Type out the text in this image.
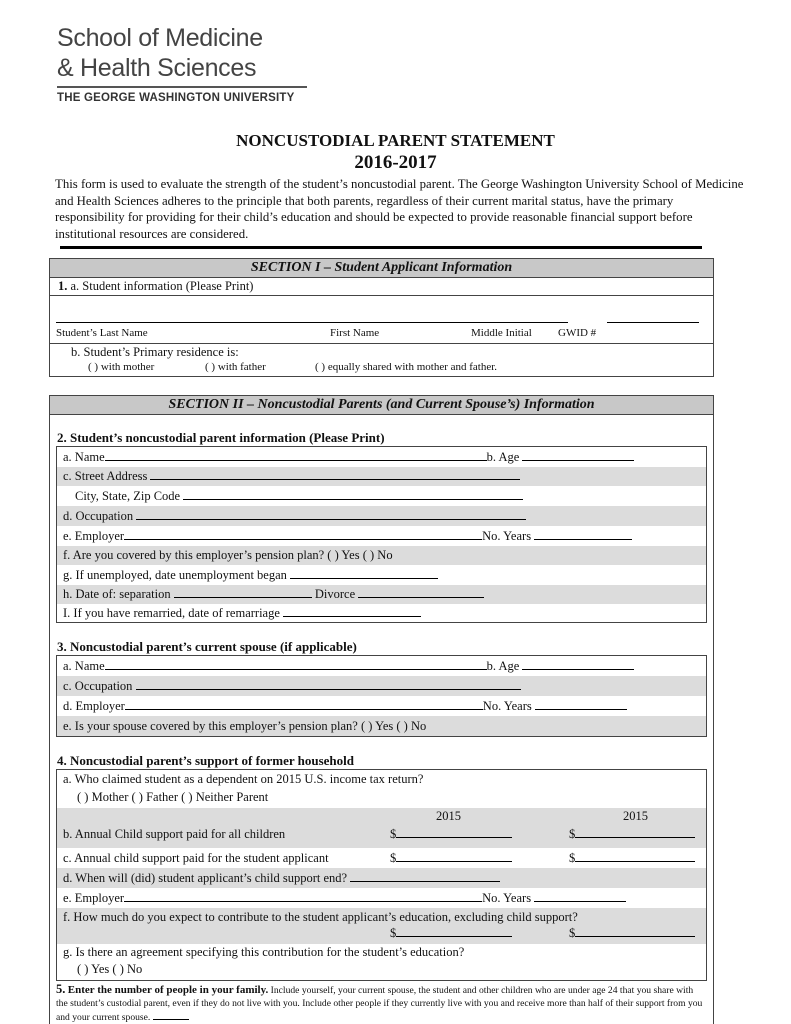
School of Medicine
& Health Sciences
THE GEORGE WASHINGTON UNIVERSITY
NONCUSTODIAL PARENT STATEMENT
2016-2017
This form is used to evaluate the strength of the student’s noncustodial parent. The George Washington University School of Medicine and Health Sciences adheres to the principle that both parents, regardless of their current marital status, have the primary responsibility for providing for their child’s education and should be expected to provide reasonable financial support before institutional resources are considered.
SECTION I – Student Applicant Information
1. a. Student information (Please Print)
Student’s Last Name	First Name	Middle Initial GWID #
b. Student’s Primary residence is:
( ) with mother	( ) with father	( ) equally shared with mother and father.
SECTION II – Noncustodial Parents (and Current Spouse’s) Information
2. Student’s noncustodial parent information (Please Print)
a. Name	b. Age
c. Street Address
City, State, Zip Code
d. Occupation
e. Employer	No. Years
f. Are you covered by this employer’s pension plan? ( ) Yes ( ) No
g. If unemployed, date unemployment began
h. Date of: separation	Divorce
I. If you have remarried, date of remarriage
3. Noncustodial parent’s current spouse (if applicable)
a. Name	b. Age
c. Occupation
d. Employer	No. Years
e. Is your spouse covered by this employer’s pension plan? ( ) Yes ( ) No
4. Noncustodial parent’s support of former household
a. Who claimed student as a dependent on 2015 U.S. income tax return?
( ) Mother ( ) Father ( ) Neither Parent
2015	2015
b. Annual Child support paid for all children	$	$
c. Annual child support paid for the student applicant	$	$
d. When will (did) student applicant’s child support end?
e. Employer	No. Years
f. How much do you expect to contribute to the student applicant’s education, excluding child support?
$	$
g. Is there an agreement specifying this contribution for the student’s education?
( ) Yes ( ) No
5. Enter the number of people in your family. Include yourself, your current spouse, the student and other children who are under age 24 that you share with the student’s custodial parent, even if they do not live with you. Include other people if they currently live with you and receive more than half of their support from you and your current spouse.
